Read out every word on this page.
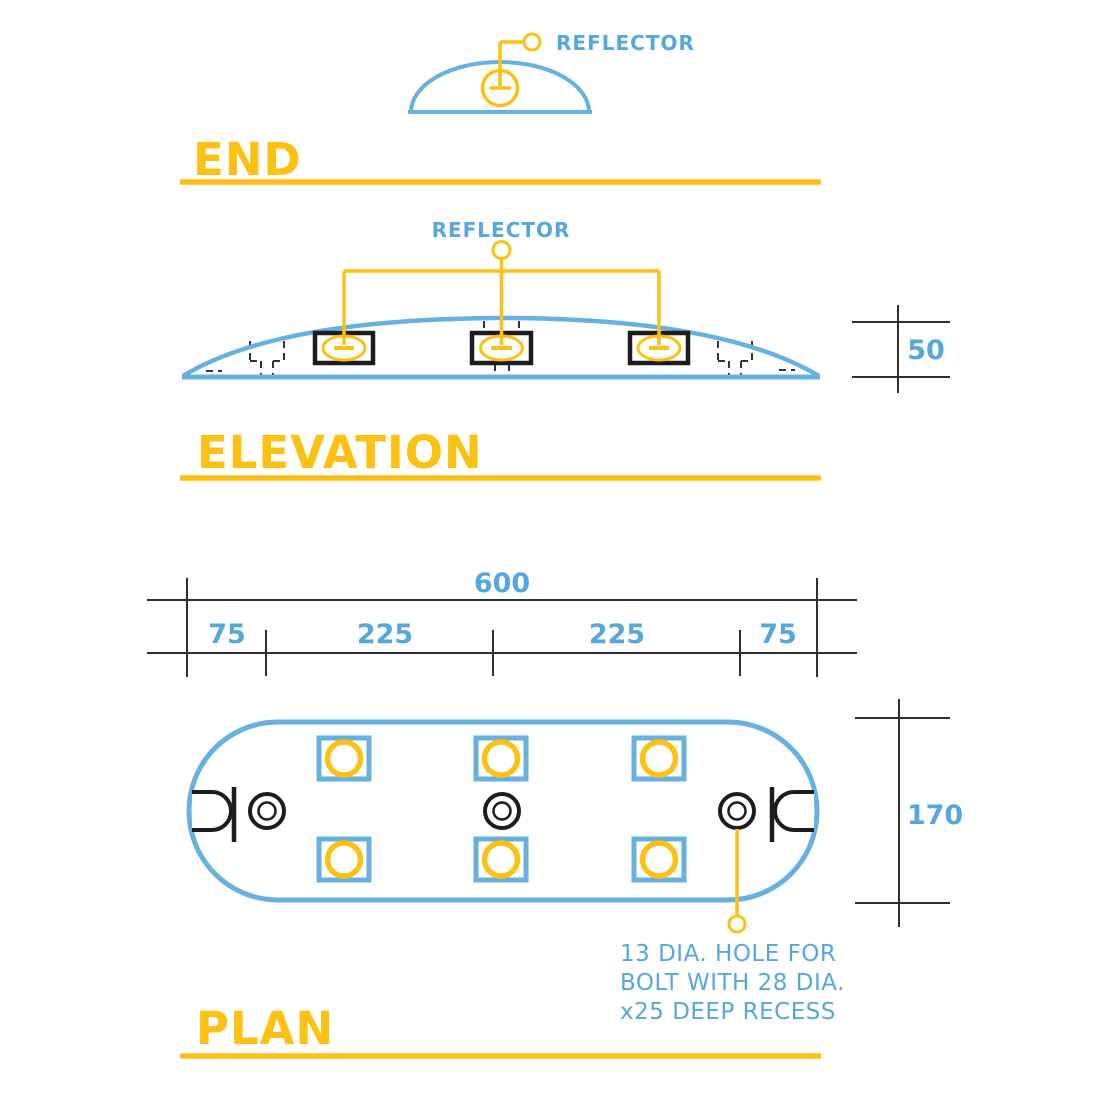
REFLECTOR
END
REFLECTOR
50
ELEVATION
600
75	225	225	75
13 DIA. HOLE FOR
BOLT WITH 28 DIA.
x25 DEEP RECESS
170
PLAN
